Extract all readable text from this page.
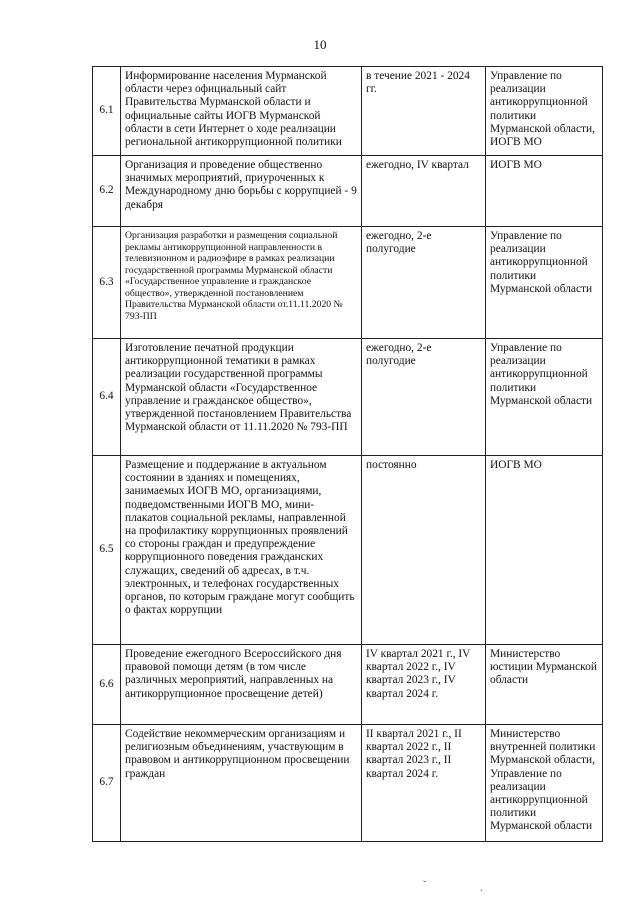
10
6.1	Информирование населения Мурманской области через официальный сайт Правительства Мурманской области и официальные сайты ИОГВ Мурманской области в сети Интернет о ходе реализации региональной антикоррупционной политики	в течение 2021 - 2024 гг.	Управление по реализации антикоррупционной политики Мурманской области, ИОГВ МО
6.2	Организация и проведение общественно значимых мероприятий, приуроченных к Международному дню борьбы с коррупцией - 9 декабря	ежегодно, IV квартал	ИОГВ МО
6.3	Организация разработки и размещения социальной рекламы антикоррупционной направленности в телевизионном и радиоэфире в рамках реализации государственной программы Мурманской области «Государственное управление и гражданское общество», утвержденной постановлением Правительства Мурманской области от.11.11.2020 № 793-ПП	ежегодно, 2-е полугодие	Управление по реализации антикоррупционной политики Мурманской области
6.4	Изготовление печатной продукции антикоррупционной тематики в рамках реализации государственной программы Мурманской области «Государственное управление и гражданское общество», утвержденной постановлением Правительства Мурманской области от 11.11.2020 № 793-ПП	ежегодно, 2-е полугодие	Управление по реализации антикоррупционной политики Мурманской области
6.5	Размещение и поддержание в актуальном состоянии в зданиях и помещениях, занимаемых ИОГВ МО, организациями, подведомственными ИОГВ МО, мини-плакатов социальной рекламы, направленной на профилактику коррупционных проявлений со стороны граждан и предупреждение коррупционного поведения гражданских служащих, сведений об адресах, в т.ч. электронных, и телефонах государственных органов, по которым граждане могут сообщить о фактах коррупции	постоянно	ИОГВ МО
6.6	Проведение ежегодного Всероссийского дня правовой помощи детям (в том числе различных мероприятий, направленных на антикоррупционное просвещение детей)	IV квартал 2021 г., IV квартал 2022 г., IV квартал 2023 г., IV квартал 2024 г.	Министерство юстиции Мурманской области
6.7	Содействие некоммерческим организациям и религиозным объединениям, участвующим в правовом и антикоррупционном просвещении граждан	II квартал 2021 г., II квартал 2022 г., II квартал 2023 г., II квартал 2024 г.	Министерство внутренней политики Мурманской области, Управление по реализации антикоррупционной политики Мурманской области
ˇ
·
